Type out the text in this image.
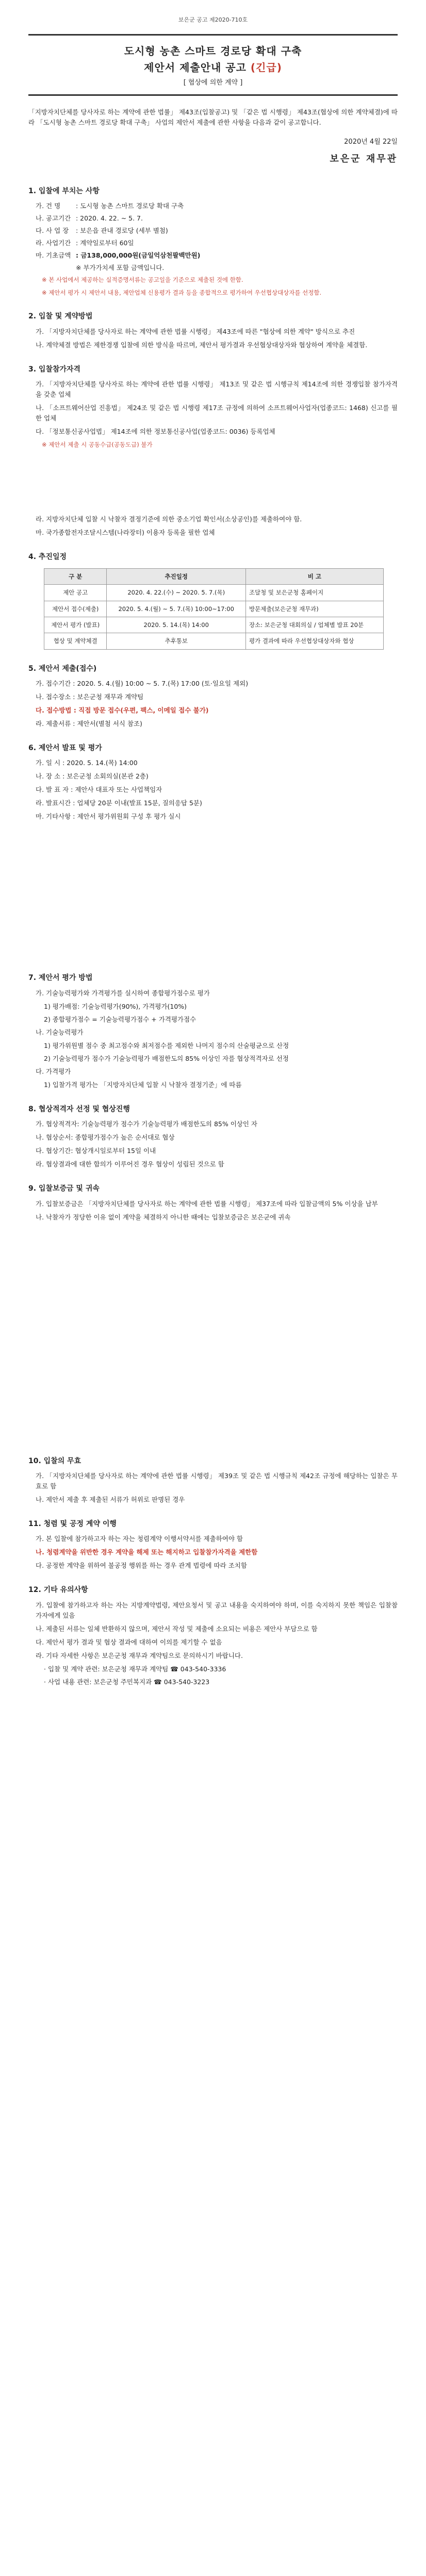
보은군 공고 제2020-710호
도시형 농촌 스마트 경로당 확대 구축
제안서 제출안내 공고 (긴급)
[ 협상에 의한 계약 ]

「지방자치단체를 당사자로 하는 계약에 관한 법률」 제43조(입찰공고) 및 「같은 법 시행령」 제43조(협상에 의한 계약체결)에 따라 「도시형 농촌 스마트 경로당 확대 구축」 사업의 제안서 제출에 관한 사항을 다음과 같이 공고합니다.

2020년 4월 22일
보은군 재무관
1. 입찰에 부치는 사항
가. 건 명 : 도시형 농촌 스마트 경로당 확대 구축
나. 공고기간 : 2020. 4. 22. ~ 5. 7.
다. 사 업 장 : 보은읍 관내 경로당 (세부 별첨)
라. 사업기간 : 계약일로부터 60일
마. 기초금액 : 금138,000,000원(금일억삼천팔백만원)
※ 부가가치세 포함 금액입니다.
※ 본 사업에서 제공하는 실적증명서류는 공고일을 기준으로 제출된 것에 한함.
※ 제안서 평가 시 제안서 내용, 제안업체 신용평가 결과 등을 종합적으로 평가하여 우선협상대상자를 선정함.
2. 입찰 및 계약방법

가. 「지방자치단체를 당사자로 하는 계약에 관한 법률 시행령」 제43조에 따른 "협상에 의한 계약" 방식으로 추진

나. 계약체결 방법은 제한경쟁 입찰에 의한 방식을 따르며, 제안서 평가결과 우선협상대상자와 협상하여 계약을 체결함.

3. 입찰참가자격

가. 「지방자치단체를 당사자로 하는 계약에 관한 법률 시행령」 제13조 및 같은 법 시행규칙 제14조에 의한 경쟁입찰 참가자격을 갖춘 업체

나. 「소프트웨어산업 진흥법」 제24조 및 같은 법 시행령 제17조 규정에 의하여 소프트웨어사업자(업종코드: 1468) 신고를 필한 업체

다. 「정보통신공사업법」 제14조에 의한 정보통신공사업(업종코드: 0036) 등록업체

※ 제안서 제출 시 공동수급(공동도급) 불가

라. 지방자치단체 입찰 시 낙찰자 결정기준에 의한 중소기업 확인서(소상공인)를 제출하여야 함.

마. 국가종합전자조달시스템(나라장터) 이용자 등록을 필한 업체

4. 추진일정
구 분	추진일정	비 고
제안 공고	2020. 4. 22.(수) ~ 2020. 5. 7.(목)	조달청 및 보은군청 홈페이지
제안서 접수(제출)	2020. 5. 4.(월) ~ 5. 7.(목) 10:00~17:00	방문제출(보은군청 재무과)
제안서 평가 (발표)	2020. 5. 14.(목) 14:00	장소: 보은군청 대회의실 / 업체별 발표 20분
협상 및 계약체결	추후통보	평가 결과에 따라 우선협상대상자와 협상
5. 제안서 제출(접수)

가. 접수기간 : 2020. 5. 4.(월) 10:00 ~ 5. 7.(목) 17:00 (토·일요일 제외)

나. 접수장소 : 보은군청 재무과 계약팀

다. 접수방법 : 직접 방문 접수(우편, 팩스, 이메일 접수 불가)

라. 제출서류 : 제안서(별첨 서식 참조)

6. 제안서 발표 및 평가

가. 일 시 : 2020. 5. 14.(목) 14:00

나. 장 소 : 보은군청 소회의실(본관 2층)

다. 발 표 자 : 제안사 대표자 또는 사업책임자

라. 발표시간 : 업체당 20분 이내(발표 15분, 질의응답 5분)

마. 기타사항 : 제안서 평가위원회 구성 후 평가 실시

7. 제안서 평가 방법

가. 기술능력평가와 가격평가를 실시하여 종합평가점수로 평가

1) 평가배점: 기술능력평가(90%), 가격평가(10%)

2) 종합평가점수 = 기술능력평가점수 + 가격평가점수

나. 기술능력평가

1) 평가위원별 점수 중 최고점수와 최저점수를 제외한 나머지 점수의 산술평균으로 산정

2) 기술능력평가 점수가 기술능력평가 배점한도의 85% 이상인 자를 협상적격자로 선정

다. 가격평가

1) 입찰가격 평가는 「지방자치단체 입찰 시 낙찰자 결정기준」에 따름

8. 협상적격자 선정 및 협상진행

가. 협상적격자: 기술능력평가 점수가 기술능력평가 배점한도의 85% 이상인 자

나. 협상순서: 종합평가점수가 높은 순서대로 협상

다. 협상기간: 협상개시일로부터 15일 이내

라. 협상결과에 대한 합의가 이루어진 경우 협상이 성립된 것으로 함

9. 입찰보증금 및 귀속

가. 입찰보증금은 「지방자치단체를 당사자로 하는 계약에 관한 법률 시행령」 제37조에 따라 입찰금액의 5% 이상을 납부

나. 낙찰자가 정당한 이유 없이 계약을 체결하지 아니한 때에는 입찰보증금은 보은군에 귀속

10. 입찰의 무효

가. 「지방자치단체를 당사자로 하는 계약에 관한 법률 시행령」 제39조 및 같은 법 시행규칙 제42조 규정에 해당하는 입찰은 무효로 함

나. 제안서 제출 후 제출된 서류가 허위로 판명된 경우

11. 청렴 및 공정 계약 이행

가. 본 입찰에 참가하고자 하는 자는 청렴계약 이행서약서를 제출하여야 함

나. 청렴계약을 위반한 경우 계약을 해제 또는 해지하고 입찰참가자격을 제한함

다. 공정한 계약을 위하여 불공정 행위를 하는 경우 관계 법령에 따라 조치함

12. 기타 유의사항

가. 입찰에 참가하고자 하는 자는 지방계약법령, 제안요청서 및 공고 내용을 숙지하여야 하며, 이를 숙지하지 못한 책임은 입찰참가자에게 있음

나. 제출된 서류는 일체 반환하지 않으며, 제안서 작성 및 제출에 소요되는 비용은 제안사 부담으로 함

다. 제안서 평가 결과 및 협상 결과에 대하여 이의를 제기할 수 없음

라. 기타 자세한 사항은 보은군청 재무과 계약팀으로 문의하시기 바랍니다.

· 입찰 및 계약 관련: 보은군청 재무과 계약팀 ☎ 043-540-3336

· 사업 내용 관련: 보은군청 주민복지과 ☎ 043-540-3223
